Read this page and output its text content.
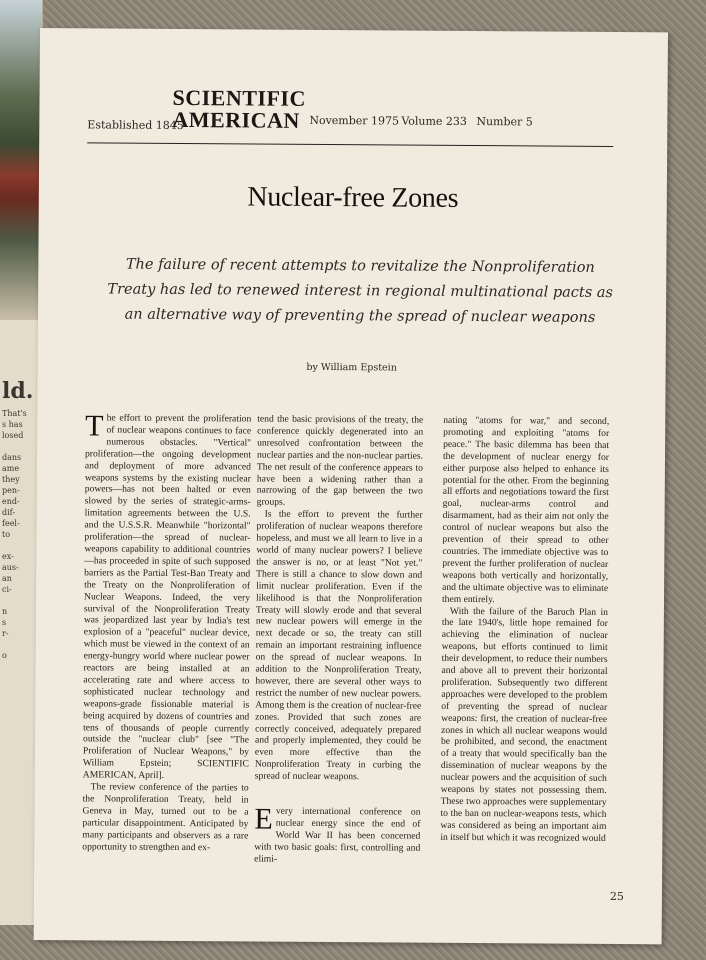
ld.
That's
s has
losed

dans
ame
they
pen-
end-
dif-
feel-
to

ex-
aus-
an
ci-

n
s
r-

o
Established 1845
SCIENTIFIC
AMERICAN November 1975 Volume 233 Number 5
Nuclear-free Zones
The failure of recent attempts to revitalize the Nonproliferation Treaty has led to renewed interest in regional multinational pacts as an alternative way of preventing the spread of nuclear weapons
by William Epstein

The effort to prevent the proliferation of nuclear weapons continues to face numerous obstacles. "Vertical" proliferation—the ongoing development and deployment of more advanced weapons systems by the existing nuclear powers—has not been halted or even slowed by the series of strategic-arms-limitation agreements between the U.S. and the U.S.S.R. Meanwhile "horizontal" proliferation—the spread of nuclear-weapons capability to additional countries—has proceeded in spite of such supposed barriers as the Partial Test-Ban Treaty and the Treaty on the Nonproliferation of Nuclear Weapons. Indeed, the very survival of the Nonproliferation Treaty was jeopardized last year by India's test explosion of a "peaceful" nuclear device, which must be viewed in the context of an energy-hungry world where nuclear power reactors are being installed at an accelerating rate and where access to sophisticated nuclear technology and weapons-grade fissionable material is being acquired by dozens of countries and tens of thousands of people currently outside the "nuclear club" [see "The Proliferation of Nuclear Weapons," by William Epstein; SCIENTIFIC AMERICAN, April].

The review conference of the parties to the Nonproliferation Treaty, held in Geneva in May, turned out to be a particular disappointment. Anticipated by many participants and observers as a rare opportunity to strengthen and ex-

tend the basic provisions of the treaty, the conference quickly degenerated into an unresolved confrontation between the nuclear parties and the non-nuclear parties. The net result of the conference appears to have been a widening rather than a narrowing of the gap between the two groups.

Is the effort to prevent the further proliferation of nuclear weapons therefore hopeless, and must we all learn to live in a world of many nuclear powers? I believe the answer is no, or at least "Not yet." There is still a chance to slow down and limit nuclear proliferation. Even if the likelihood is that the Nonproliferation Treaty will slowly erode and that several new nuclear powers will emerge in the next decade or so, the treaty can still remain an important restraining influence on the spread of nuclear weapons. In addition to the Nonproliferation Treaty, however, there are several other ways to restrict the number of new nuclear powers. Among them is the creation of nuclear-free zones. Provided that such zones are correctly conceived, adequately prepared and properly implemented, they could be even more effective than the Nonproliferation Treaty in curbing the spread of nuclear weapons.

Every international conference on nuclear energy since the end of World War II has been concerned with two basic goals: first, controlling and elimi-

nating "atoms for war," and second, promoting and exploiting "atoms for peace." The basic dilemma has been that the development of nuclear energy for either purpose also helped to enhance its potential for the other. From the beginning all efforts and negotiations toward the first goal, nuclear-arms control and disarmament, had as their aim not only the control of nuclear weapons but also the prevention of their spread to other countries. The immediate objective was to prevent the further proliferation of nuclear weapons both vertically and horizontally, and the ultimate objective was to eliminate them entirely.

With the failure of the Baruch Plan in the late 1940's, little hope remained for achieving the elimination of nuclear weapons, but efforts continued to limit their development, to reduce their numbers and above all to prevent their horizontal proliferation. Subsequently two different approaches were developed to the problem of preventing the spread of nuclear weapons: first, the creation of nuclear-free zones in which all nuclear weapons would be prohibited, and second, the enactment of a treaty that would specifically ban the dissemination of nuclear weapons by the nuclear powers and the acquisition of such weapons by states not possessing them. These two approaches were supplementary to the ban on nuclear-weapons tests, which was considered as being an important aim in itself but which it was recognized would

25
